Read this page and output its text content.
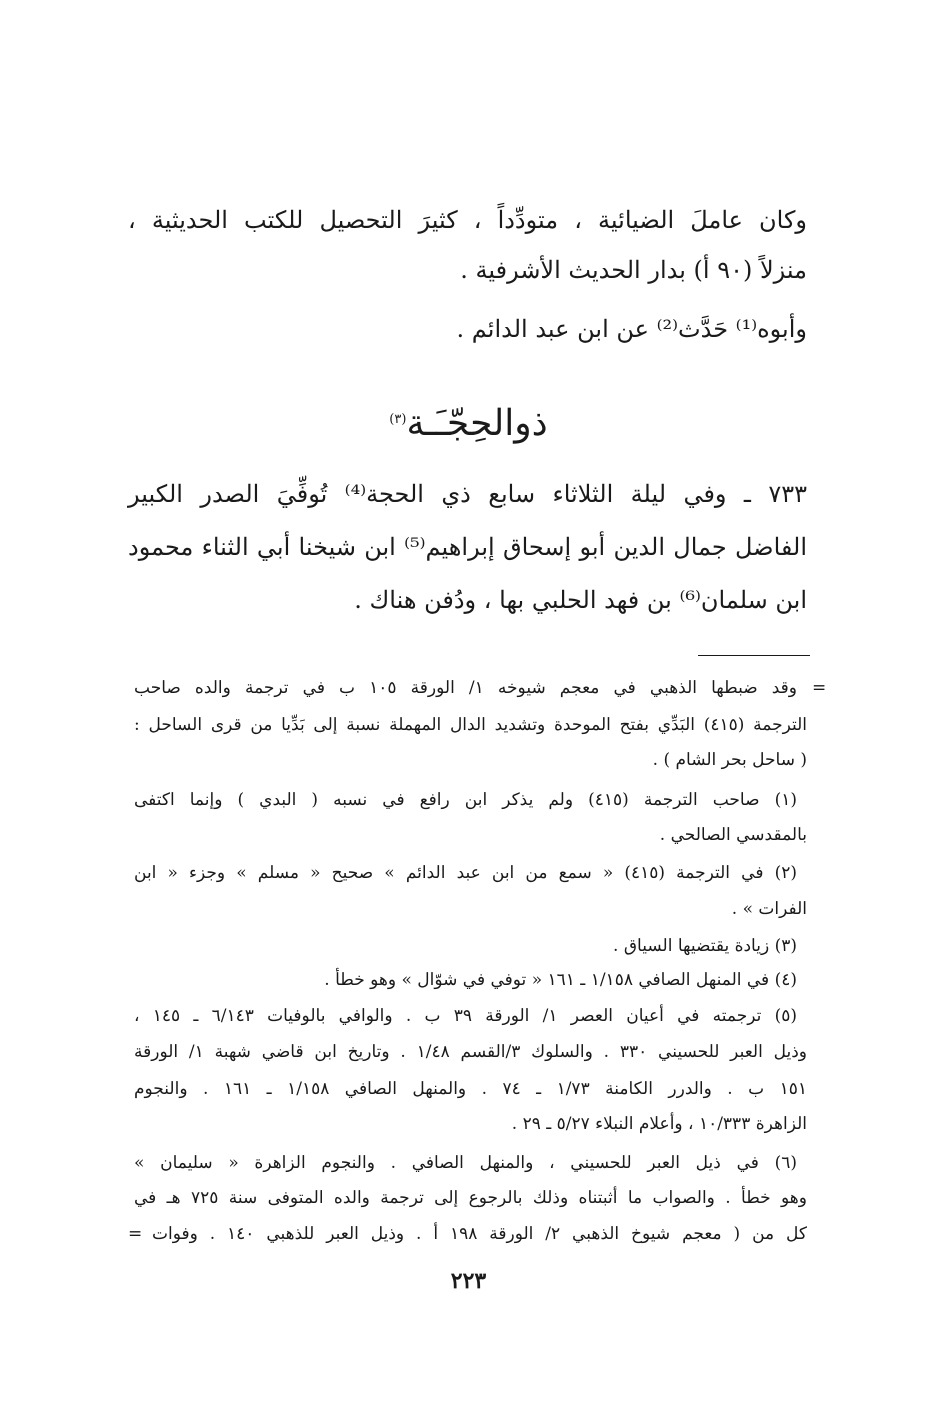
وكان عاملَ الضيائية ، متودِّداً ، كثيرَ التحصيل للكتب الحديثية ،
منزلاً (٩٠ أ) بدار الحديث الأشرفية .
وأبوه⁽¹⁾ حَدَّث⁽²⁾ عن ابن عبد الدائم .
ذوالحِجّـَـة$^{(٣)}$
٧٣٣ ـ وفي ليلة الثلاثاء سابع ذي الحجة⁽⁴⁾ تُوفِّيَ الصدر الكبير
الفاضل جمال الدين أبو إسحاق إبراهيم⁽⁵⁾ ابن شيخنا أبي الثناء محمود
ابن سلمان⁽⁶⁾ بن فهد الحلبي بها ، ودُفن هناك .
=
وقد ضبطها الذهبي في معجم شيوخه ١/ الورقة ١٠٥ ب في ترجمة والده صاحب
الترجمة (٤١٥) البَدِّي بفتح الموحدة وتشديد الدال المهملة نسبة إلى بَدِّيا من قرى الساحل :
( ساحل بحر الشام ) .
(١) صاحب الترجمة (٤١٥) ولم يذكر ابن رافع في نسبه ( البدي ) وإنما اكتفى
بالمقدسي الصالحي .
(٢) في الترجمة (٤١٥) « سمع من ابن عبد الدائم » صحيح « مسلم » وجزء « ابن
الفرات » .
(٣) زيادة يقتضيها السياق .
(٤) في المنهل الصافي ١/١٥٨ ـ ١٦١ « توفي في شوّال » وهو خطأ .
(٥) ترجمته في أعيان العصر ١/ الورقة ٣٩ ب . والوافي بالوفيات ٦/١٤٣ ـ ١٤٥ ،
وذيل العبر للحسيني ٣٣٠ . والسلوك ٣/القسم ١/٤٨ . وتاريخ ابن قاضي شهبة ١/ الورقة
١٥١ ب . والدرر الكامنة ١/٧٣ ـ ٧٤ . والمنهل الصافي ١/١٥٨ ـ ١٦١ . والنجوم
الزاهرة ١٠/٣٣٣ ، وأعلام النبلاء ٥/٢٧ ـ ٢٩ .
(٦) في ذيل العبر للحسيني ، والمنهل الصافي . والنجوم الزاهرة « سليمان »
وهو خطأ . والصواب ما أثبتناه وذلك بالرجوع إلى ترجمة والده المتوفى سنة ٧٢٥ هـ في
كل من ( معجم شيوخ الذهبي ٢/ الورقة ١٩٨ أ . وذيل العبر للذهبي ١٤٠ . وفوات
=
٢٢٣
